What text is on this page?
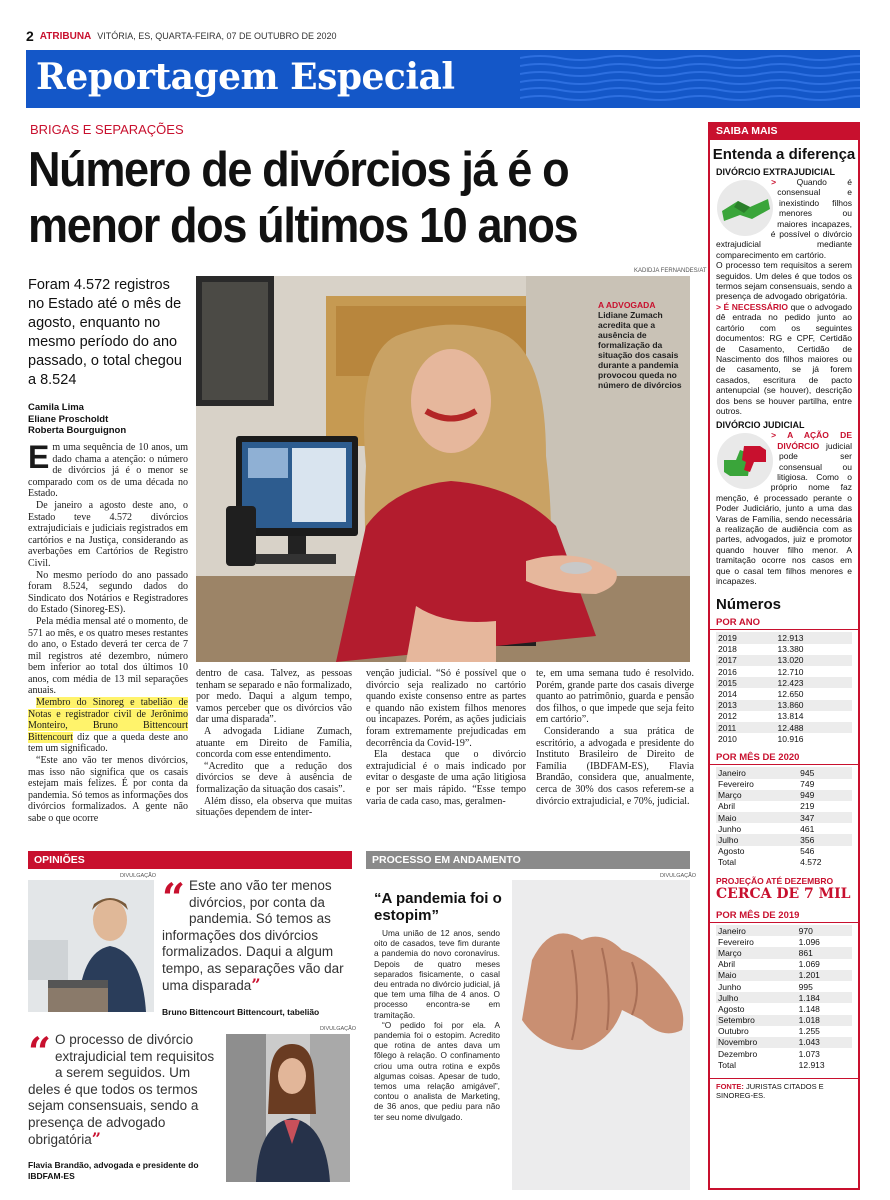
2 ATRIBUNA VITÓRIA, ES, QUARTA-FEIRA, 07 DE OUTUBRO DE 2020
Reportagem Especial
BRIGAS E SEPARAÇÕES
Número de divórcios já é o menor dos últimos 10 anos
Foram 4.572 registros no Estado até o mês de agosto, enquanto no mesmo período do ano passado, o total chegou a 8.524
Camila Lima
Eliane Proscholdt
Roberta Bourguignon
KADIDJA FERNANDES/AT
A ADVOGADA
Lidiane Zumach acredita que a ausência de formalização da situação dos casais durante a pandemia provocou queda no número de divórcios

Em uma sequência de 10 anos, um dado chama a atenção: o número de divórcios já é o menor se comparado com os de uma década no Estado.

De janeiro a agosto deste ano, o Estado teve 4.572 divórcios extrajudiciais e judiciais registrados em cartórios e na Justiça, considerando as averbações em Cartórios de Registro Civil.

No mesmo período do ano passado foram 8.524, segundo dados do Sindicato dos Notários e Registradores do Estado (Sinoreg-ES).

Pela média mensal até o momento, de 571 ao mês, e os quatro meses restantes do ano, o Estado deverá ter cerca de 7 mil registros até dezembro, número bem inferior ao total dos últimos 10 anos, com média de 13 mil separações anuais.

Membro do Sinoreg e tabelião de Notas e registrador civil de Jerônimo Monteiro, Bruno Bittencourt Bittencourt diz que a queda deste ano tem um significado.

“Este ano vão ter menos divórcios, mas isso não significa que os casais estejam mais felizes. É por conta da pandemia. Só temos as informações dos divórcios formalizados. A gente não sabe o que ocorre

dentro de casa. Talvez, as pessoas tenham se separado e não formalizado, por medo. Daqui a algum tempo, vamos perceber que os divórcios vão dar uma disparada”.

A advogada Lidiane Zumach, atuante em Direito de Família, concorda com esse entendimento.

“Acredito que a redução dos divórcios se deve à ausência de formalização da situação dos casais”.

Além disso, ela observa que muitas situações dependem de inter-

venção judicial. “Só é possível que o divórcio seja realizado no cartório quando existe consenso entre as partes e quando não existem filhos menores ou incapazes. Porém, as ações judiciais foram extremamente prejudicadas em decorrência da Covid-19”.

Ela destaca que o divórcio extrajudicial é o mais indicado por evitar o desgaste de uma ação litigiosa e por ser mais rápido. “Esse tempo varia de cada caso, mas, geralmen-

te, em uma semana tudo é resolvido. Porém, grande parte dos casais diverge quanto ao patrimônio, guarda e pensão dos filhos, o que impede que seja feito em cartório”.

Considerando a sua prática de escritório, a advogada e presidente do Instituto Brasileiro de Direito de Família (IBDFAM-ES), Flavia Brandão, considera que, anualmente, cerca de 30% dos casos referem-se a divórcio extrajudicial, e 70%, judicial.

SAIBA MAIS
Entenda a diferença
DIVÓRCIO EXTRAJUDICIAL

> Quando é consensual e inexistindo filhos menores ou maiores incapazes, é possível o divórcio extrajudicial mediante comparecimento em cartório.

O processo tem requisitos a serem seguidos. Um deles é que todos os termos sejam consensuais, sendo a presença de advogado obrigatória.

> É NECESSÁRIO que o advogado dê entrada no pedido junto ao cartório com os seguintes documentos: RG e CPF, Certidão de Casamento, Certidão de Nascimento dos filhos maiores ou de casamento, se já forem casados, escritura de pacto antenupcial (se houver), descrição dos bens se houver partilha, entre outros.

DIVÓRCIO JUDICIAL

> A AÇÃO DE DIVÓRCIO judicial pode ser consensual ou litigiosa. Como o próprio nome faz menção, é processado perante o Poder Judiciário, junto a uma das Varas de Família, sendo necessária a realização de audiência com as partes, advogados, juiz e promotor quando houver filho menor. A tramitação ocorre nos casos em que o casal tem filhos menores e incapazes.

Números
POR ANO
2019	12.913
2018	13.380
2017	13.020
2016	12.710
2015	12.423
2014	12.650
2013	13.860
2012	13.814
2011	12.488
2010	10.916
POR MÊS DE 2020
Janeiro	945
Fevereiro	749
Março	949
Abril	219
Maio	347
Junho	461
Julho	356
Agosto	546
Total	4.572
PROJEÇÃO ATÉ DEZEMBRO
CERCA DE 7 MIL
POR MÊS DE 2019
Janeiro	970
Fevereiro	1.096
Março	861
Abril	1.069
Maio	1.201
Junho	995
Julho	1.184
Agosto	1.148
Setembro	1.018
Outubro	1.255
Novembro	1.043
Dezembro	1.073
Total	12.913
FONTE: JURISTAS CITADOS E SINOREG-ES.
OPINIÕES
DIVULGAÇÃO “ Este ano vão ter menos divórcios, por conta da pandemia. Só temos as informações dos divórcios formalizados. Daqui a algum tempo, as separações vão dar uma disparada”
Bruno Bittencourt Bittencourt, tabelião
DIVULGAÇÃO
“ O processo de divórcio extrajudicial tem requisitos a serem seguidos. Um deles é que todos os termos sejam consensuais, sendo a presença de advogado obrigatória”
Flavia Brandão, advogada e presidente do IBDFAM-ES
PROCESSO EM ANDAMENTO
DIVULGAÇÃO
“A pandemia foi o estopim”

Uma união de 12 anos, sendo oito de casados, teve fim durante a pandemia do novo coronavírus. Depois de quatro meses separados fisicamente, o casal deu entrada no divórcio judicial, já que tem uma filha de 4 anos. O processo encontra-se em tramitação.

“O pedido foi por ela. A pandemia foi o estopim. Acredito que rotina de antes dava um fôlego à relação. O confinamento criou uma outra rotina e expôs algumas coisas. Apesar de tudo, temos uma relação amigável”, contou o analista de Marketing, de 36 anos, que pediu para não ter seu nome divulgado.
